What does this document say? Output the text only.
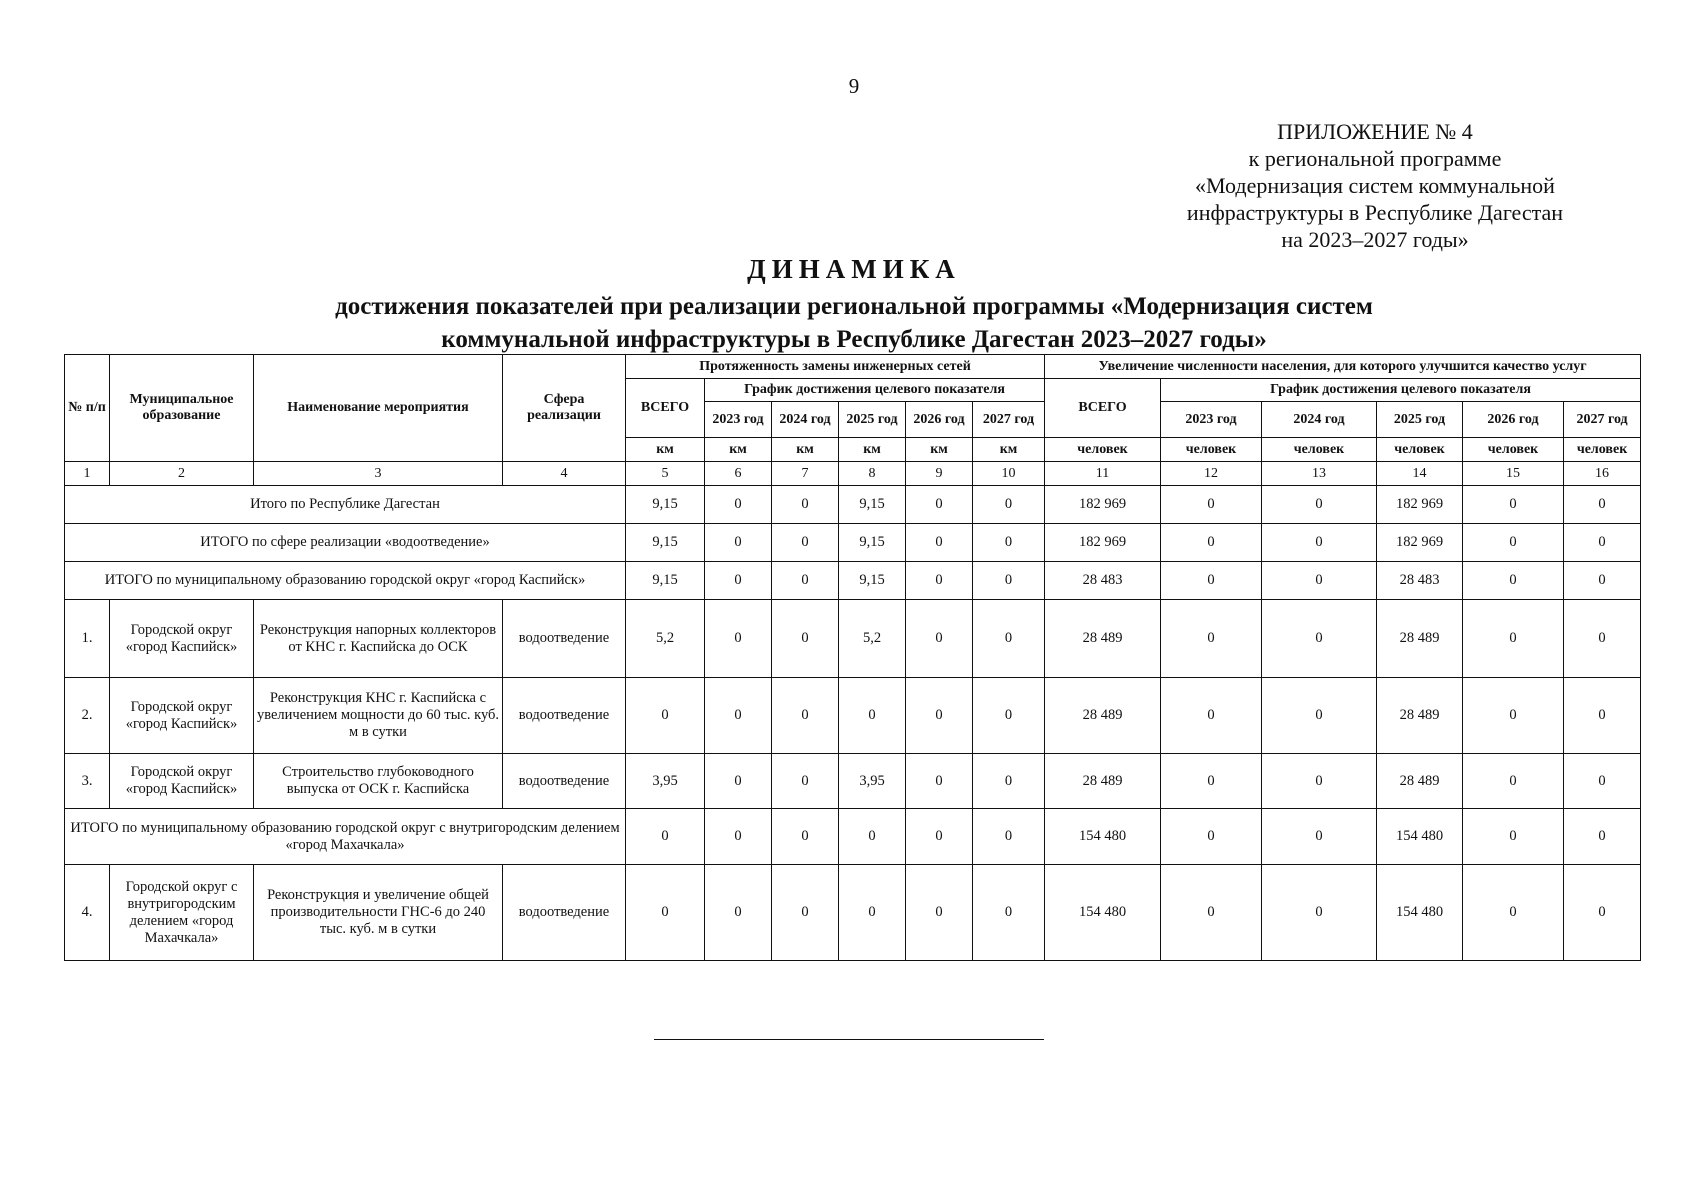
9
ПРИЛОЖЕНИЕ № 4
к региональной программе
«Модернизация систем коммунальной
инфраструктуры в Республике Дагестан
на 2023–2027 годы»
ДИНАМИКА
достижения показателей при реализации региональной программы «Модернизация систем
коммунальной инфраструктуры в Республике Дагестан 2023–2027 годы»
№ п/п	Муниципальное образование	Наименование мероприятия	Сфера реализации	Протяженность замены инженерных сетей						Увеличение численности населения, для которого улучшится качество услуг					
				ВСЕГО	График достижения целевого показателя					ВСЕГО	График достижения целевого показателя				
					2023 год	2024 год	2025 год	2026 год	2027 год		2023 год	2024 год	2025 год	2026 год	2027 год
				км	км	км	км	км	км	человек	человек	человек	человек	человек	человек
1	2	3	4	5	6	7	8	9	10	11	12	13	14	15	16
Итого по Республике Дагестан				9,15	0	0	9,15	0	0	182 969	0	0	182 969	0	0
ИТОГО по сфере реализации «водоотведение»				9,15	0	0	9,15	0	0	182 969	0	0	182 969	0	0
ИТОГО по муниципальному образованию городской округ «город Каспийск»				9,15	0	0	9,15	0	0	28 483	0	0	28 483	0	0
1.	Городской округ «город Каспийск»	Реконструкция напорных коллекторов от КНС г. Каспийска до ОСК	водоотведение	5,2	0	0	5,2	0	0	28 489	0	0	28 489	0	0
2.	Городской округ «город Каспийск»	Реконструкция КНС г. Каспийска с увеличением мощности до 60 тыс. куб. м в сутки	водоотведение	0	0	0	0	0	0	28 489	0	0	28 489	0	0
3.	Городской округ «город Каспийск»	Строительство глубоководного выпуска от ОСК г. Каспийска	водоотведение	3,95	0	0	3,95	0	0	28 489	0	0	28 489	0	0
ИТОГО по муниципальному образованию городской округ с внутригородским делением «город Махачкала»				0	0	0	0	0	0	154 480	0	0	154 480	0	0
4.	Городской округ с внутригородским делением «город Махачкала»	Реконструкция и увеличение общей производительности ГНС-6 до 240 тыс. куб. м в сутки	водоотведение	0	0	0	0	0	0	154 480	0	0	154 480	0	0
